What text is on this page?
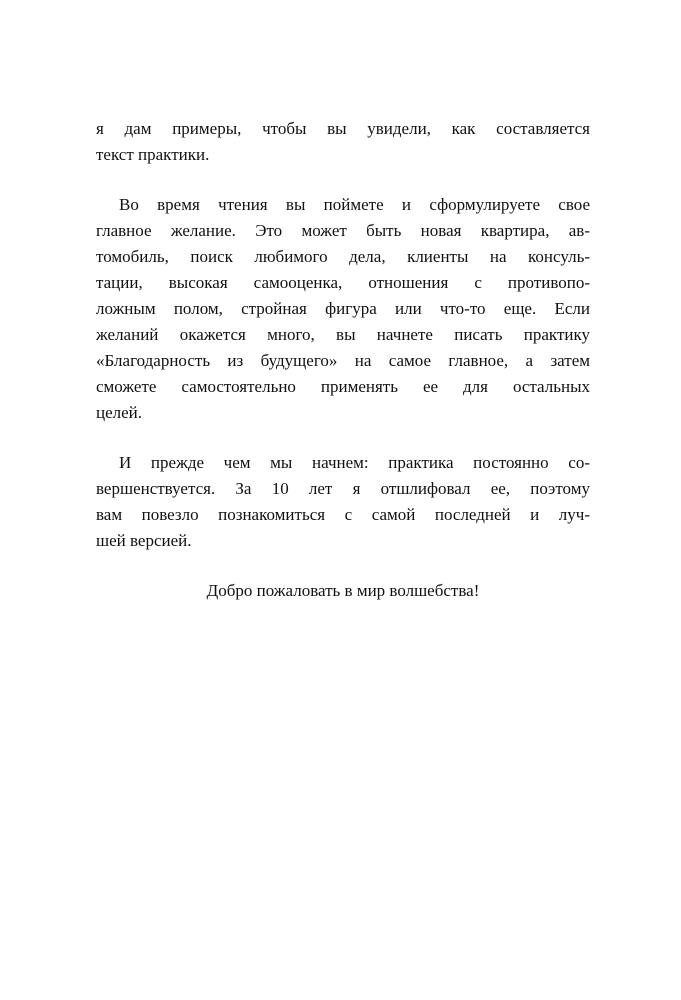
я дам примеры, чтобы вы увидели, как составляется
текст практики.
Во время чтения вы поймете и сформулируете свое
главное желание. Это может быть новая квартира, ав-
томобиль, поиск любимого дела, клиенты на консуль-
тации, высокая самооценка, отношения с противопо-
ложным полом, стройная фигура или что-то еще. Если
желаний окажется много, вы начнете писать практику
«Благодарность из будущего» на самое главное, а затем
сможете самостоятельно применять ее для остальных
целей.
И прежде чем мы начнем: практика постоянно со-
вершенствуется. За 10 лет я отшлифовал ее, поэтому
вам повезло познакомиться с самой последней и луч-
шей версией.
Добро пожаловать в мир волшебства!
